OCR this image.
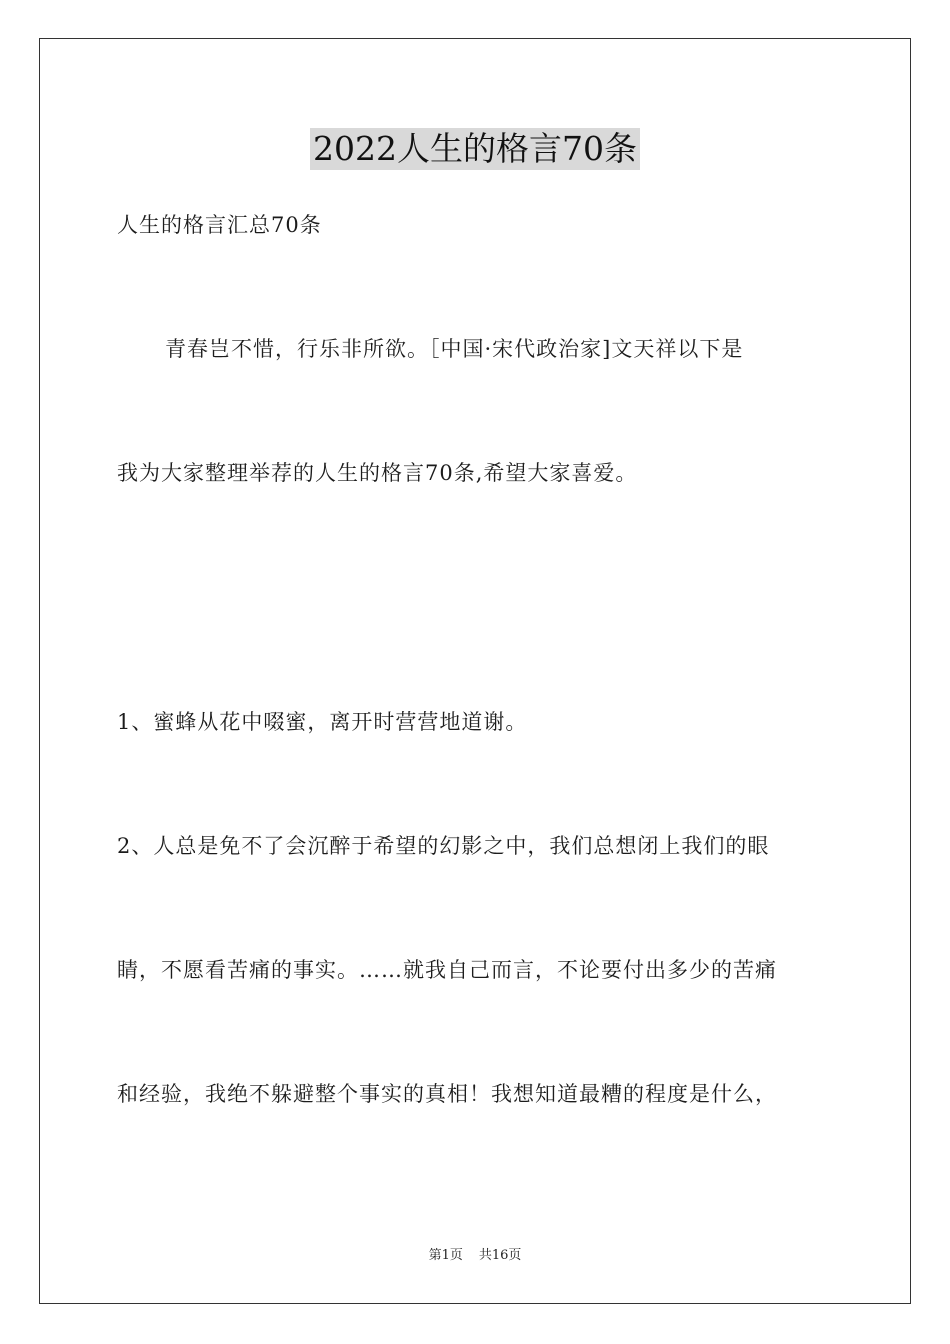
2022人生的格言70条
人生的格言汇总70条
青春岂不惜，行乐非所欲。［中国·宋代政治家]文天祥以下是
我为大家整理举荐的人生的格言70条,希望大家喜爱。
1、蜜蜂从花中啜蜜，离开时营营地道谢。
2、人总是免不了会沉醉于希望的幻影之中，我们总想闭上我们的眼
睛，不愿看苦痛的事实。……就我自己而言，不论要付出多少的苦痛
和经验，我绝不躲避整个事实的真相！我想知道最糟的程度是什么，
第1页 共16页
